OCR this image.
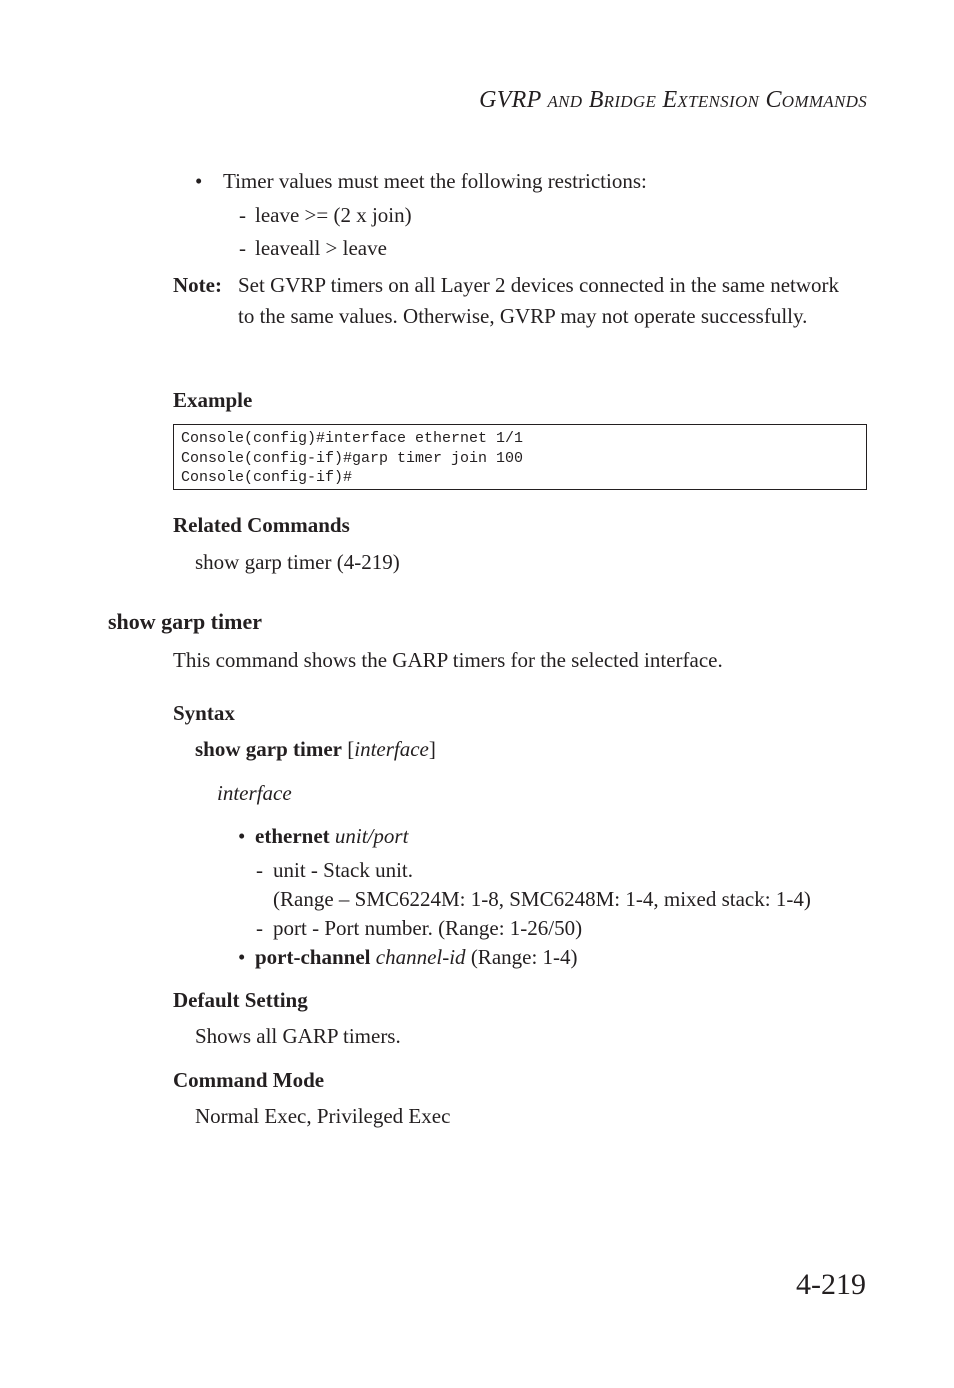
GVRP AND BRIDGE EXTENSION COMMANDS
• Timer values must meet the following restrictions:
- leave >= (2 x join)
- leaveall > leave
Note: Set GVRP timers on all Layer 2 devices connected in the same network to the same values. Otherwise, GVRP may not operate successfully.
Example
Console(config)#interface ethernet 1/1
Console(config-if)#garp timer join 100
Console(config-if)#
Related Commands
show garp timer (4-219)
show garp timer
This command shows the GARP timers for the selected interface.
Syntax
show garp timer [interface]
interface
• ethernet unit/port
- unit - Stack unit.
(Range – SMC6224M: 1-8, SMC6248M: 1-4, mixed stack: 1-4)
- port - Port number. (Range: 1-26/50)
• port-channel channel-id (Range: 1-4)
Default Setting
Shows all GARP timers.
Command Mode
Normal Exec, Privileged Exec
4-219
